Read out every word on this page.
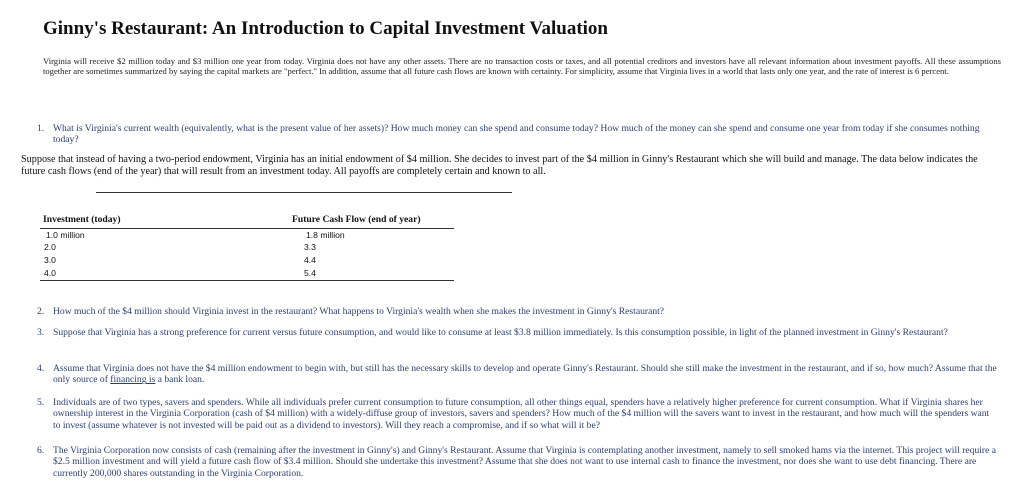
Ginny's Restaurant: An Introduction to Capital Investment Valuation
Virginia will receive $2 million today and $3 million one year from today. Virginia does not have any other assets. There are no transaction costs or taxes, and all potential creditors and investors have all relevant information about investment payoffs. All these assumptions together are sometimes summarized by saying the capital markets are "perfect." In addition, assume that all future cash flows are known with certainty. For simplicity, assume that Virginia lives in a world that lasts only one year, and the rate of interest is 6 percent.
1. What is Virginia's current wealth (equivalently, what is the present value of her assets)? How much money can she spend and consume today? How much of the money can she spend and consume one year from today if she consumes nothing today?
Suppose that instead of having a two-period endowment, Virginia has an initial endowment of $4 million. She decides to invest part of the $4 million in Ginny's Restaurant which she will build and manage. The data below indicates the future cash flows (end of the year) that will result from an investment today. All payoffs are completely certain and known to all.
Investment (today)	Future Cash Flow (end of year)
1.0 million	1.8 million
2.0	3.3
3.0	4.4
4.0	5.4
2. How much of the $4 million should Virginia invest in the restaurant? What happens to Virginia's wealth when she makes the investment in Ginny's Restaurant?
3. Suppose that Virginia has a strong preference for current versus future consumption, and would like to consume at least $3.8 million immediately. Is this consumption possible, in light of the planned investment in Ginny's Restaurant?
4. Assume that Virginia does not have the $4 million endowment to begin with, but still has the necessary skills to develop and operate Ginny's Restaurant. Should she still make the investment in the restaurant, and if so, how much? Assume that the only source of financing is a bank loan.
5. Individuals are of two types, savers and spenders. While all individuals prefer current consumption to future consumption, all other things equal, spenders have a relatively higher preference for current consumption. What if Virginia shares her ownership interest in the Virginia Corporation (cash of $4 million) with a widely-diffuse group of investors, savers and spenders? How much of the $4 million will the savers want to invest in the restaurant, and how much will the spenders want to invest (assume whatever is not invested will be paid out as a dividend to investors). Will they reach a compromise, and if so what will it be?
6. The Virginia Corporation now consists of cash (remaining after the investment in Ginny's) and Ginny's Restaurant. Assume that Virginia is contemplating another investment, namely to sell smoked hams via the internet. This project will require a $2.5 million investment and will yield a future cash flow of $3.4 million. Should she undertake this investment? Assume that she does not want to use internal cash to finance the investment, nor does she want to use debt financing. There are currently 200,000 shares outstanding in the Virginia Corporation.
